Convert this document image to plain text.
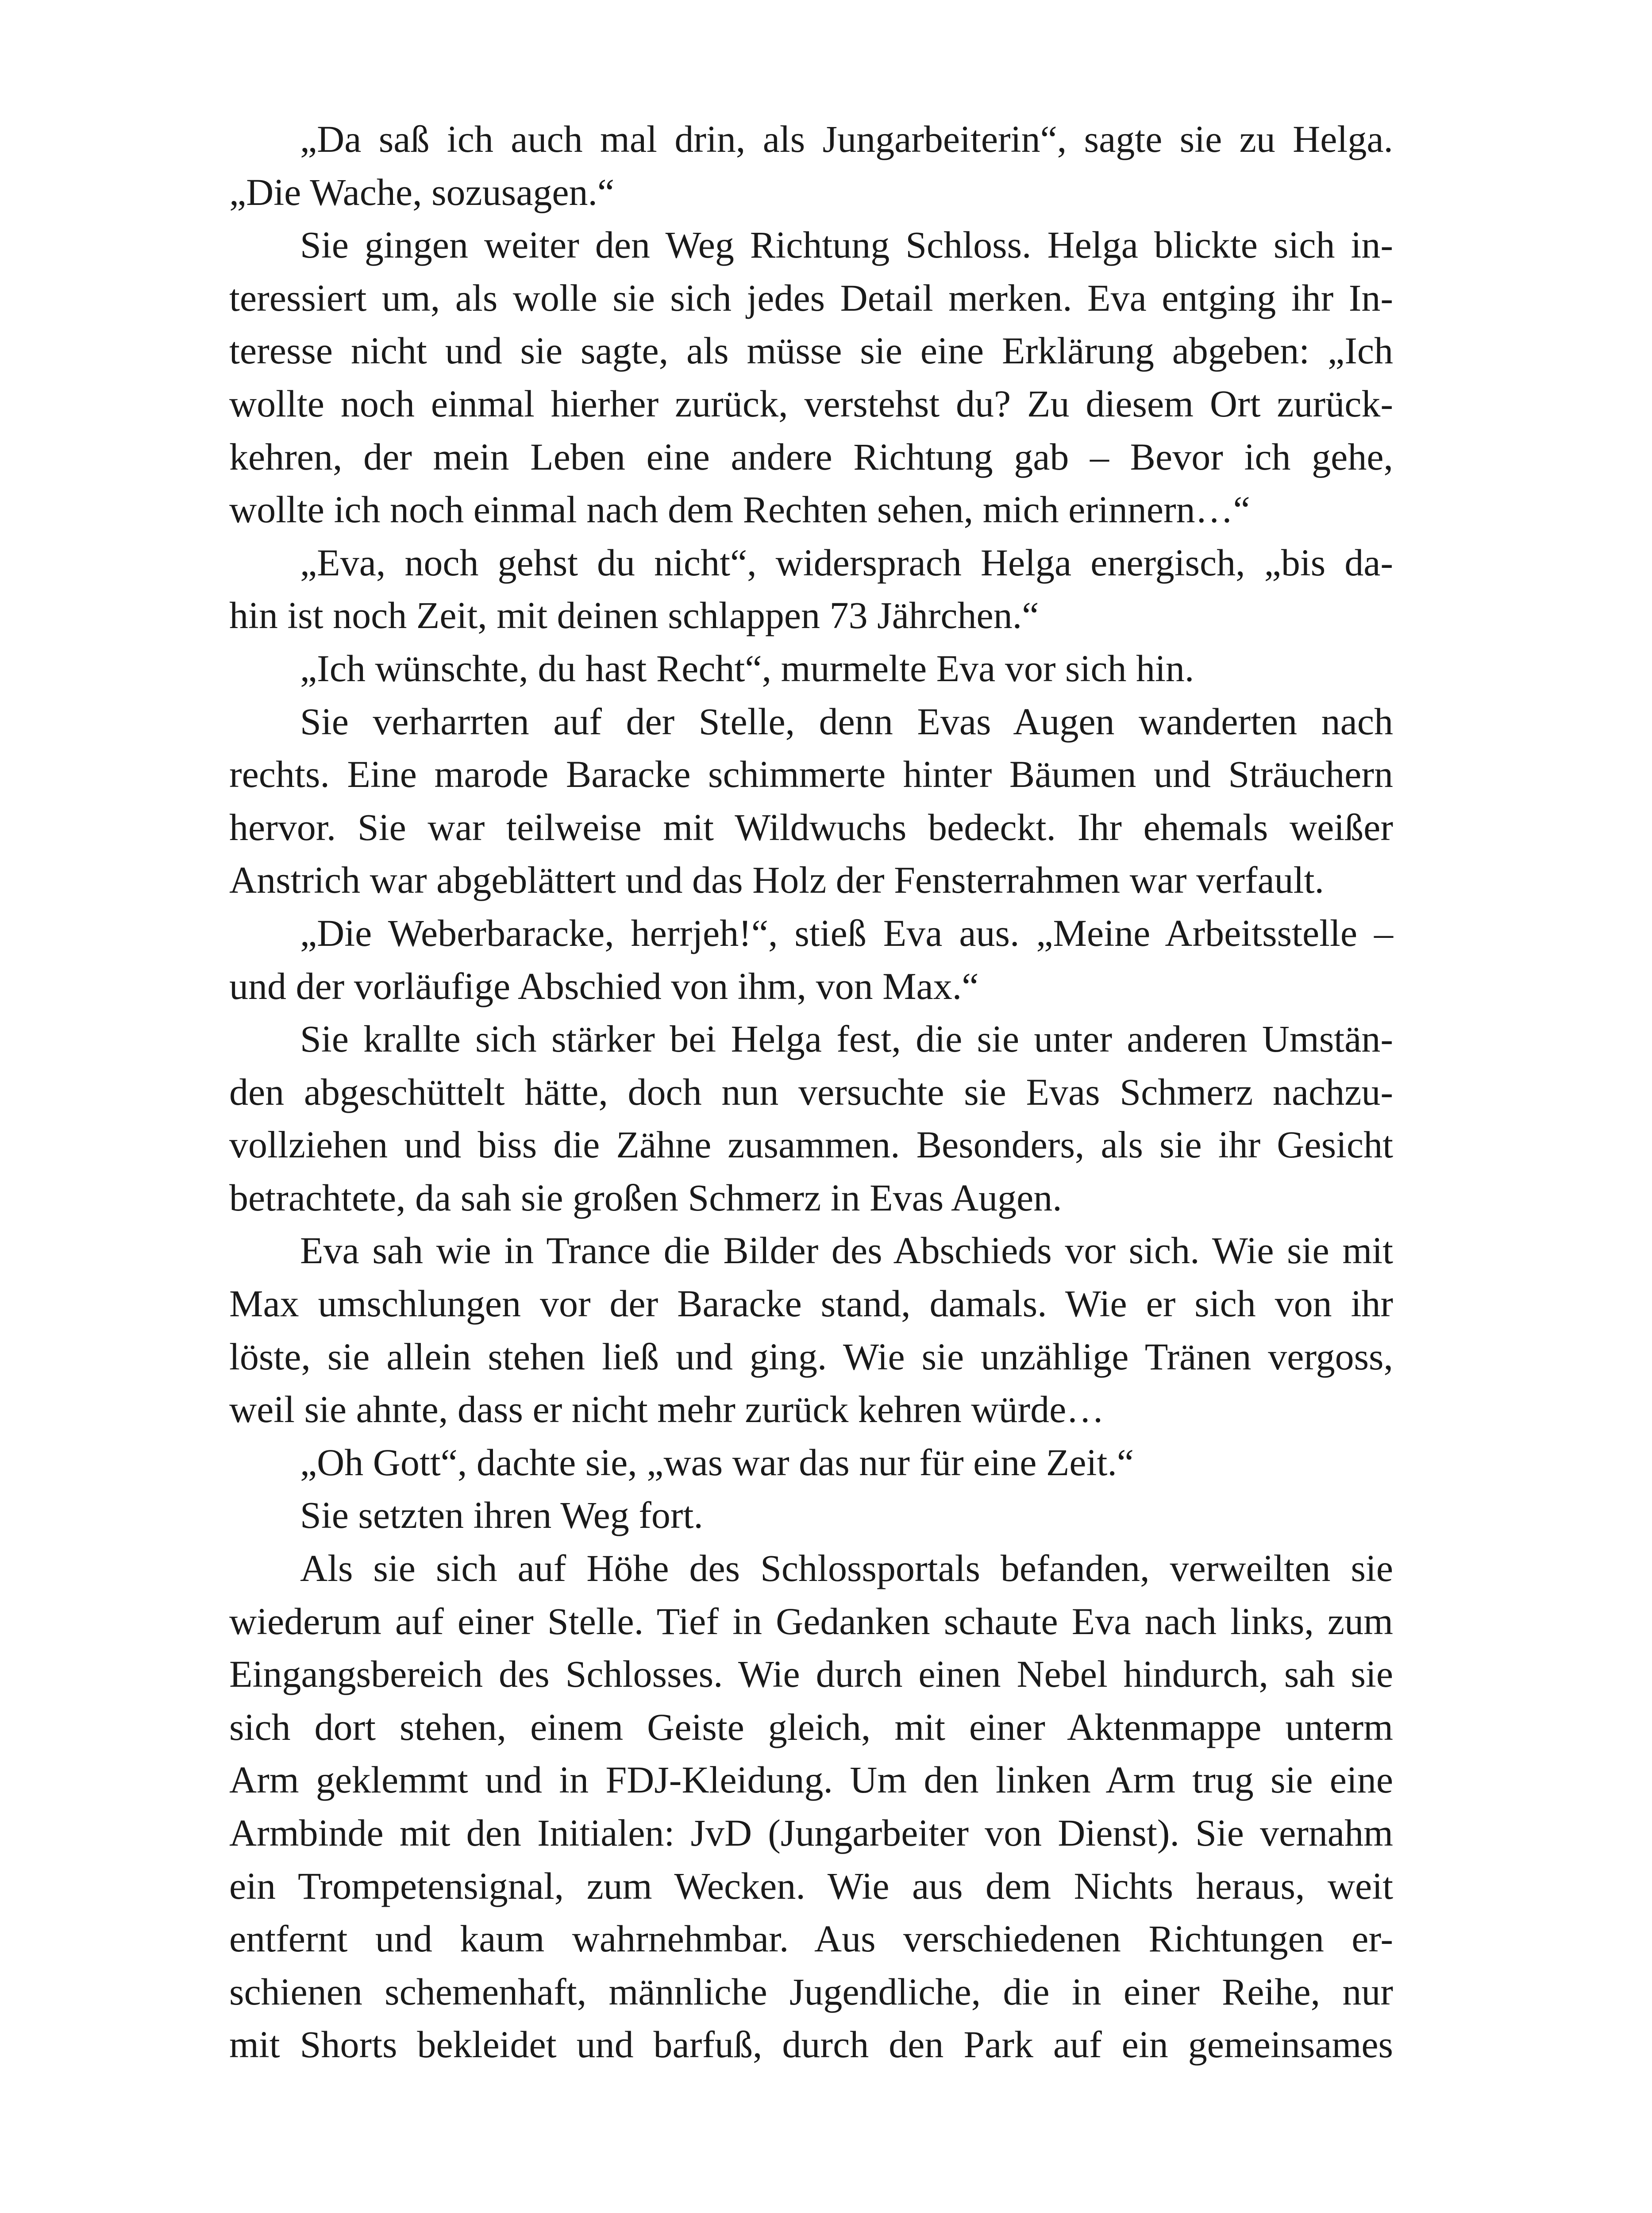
„Da saß ich auch mal drin, als Jungarbeiterin“, sagte sie zu Helga.
„Die Wache, sozusagen.“
Sie gingen weiter den Weg Richtung Schloss. Helga blickte sich in-
teressiert um, als wolle sie sich jedes Detail merken. Eva entging ihr In-
teresse nicht und sie sagte, als müsse sie eine Erklärung abgeben: „Ich
wollte noch einmal hierher zurück, verstehst du? Zu diesem Ort zurück-
kehren, der mein Leben eine andere Richtung gab – Bevor ich gehe,
wollte ich noch einmal nach dem Rechten sehen, mich erinnern…“
„Eva, noch gehst du nicht“, widersprach Helga energisch, „bis da-
hin ist noch Zeit, mit deinen schlappen 73 Jährchen.“
„Ich wünschte, du hast Recht“, murmelte Eva vor sich hin.
Sie verharrten auf der Stelle, denn Evas Augen wanderten nach
rechts. Eine marode Baracke schimmerte hinter Bäumen und Sträuchern
hervor. Sie war teilweise mit Wildwuchs bedeckt. Ihr ehemals weißer
Anstrich war abgeblättert und das Holz der Fensterrahmen war verfault.
„Die Weberbaracke, herrjeh!“, stieß Eva aus. „Meine Arbeitsstelle –
und der vorläufige Abschied von ihm, von Max.“
Sie krallte sich stärker bei Helga fest, die sie unter anderen Umstän-
den abgeschüttelt hätte, doch nun versuchte sie Evas Schmerz nachzu-
vollziehen und biss die Zähne zusammen. Besonders, als sie ihr Gesicht
betrachtete, da sah sie großen Schmerz in Evas Augen.
Eva sah wie in Trance die Bilder des Abschieds vor sich. Wie sie mit
Max umschlungen vor der Baracke stand, damals. Wie er sich von ihr
löste, sie allein stehen ließ und ging. Wie sie unzählige Tränen vergoss,
weil sie ahnte, dass er nicht mehr zurück kehren würde…
„Oh Gott“, dachte sie, „was war das nur für eine Zeit.“
Sie setzten ihren Weg fort.
Als sie sich auf Höhe des Schlossportals befanden, verweilten sie
wiederum auf einer Stelle. Tief in Gedanken schaute Eva nach links, zum
Eingangsbereich des Schlosses. Wie durch einen Nebel hindurch, sah sie
sich dort stehen, einem Geiste gleich, mit einer Aktenmappe unterm
Arm geklemmt und in FDJ-Kleidung. Um den linken Arm trug sie eine
Armbinde mit den Initialen: JvD (Jungarbeiter von Dienst). Sie vernahm
ein Trompetensignal, zum Wecken. Wie aus dem Nichts heraus, weit
entfernt und kaum wahrnehmbar. Aus verschiedenen Richtungen er-
schienen schemenhaft, männliche Jugendliche, die in einer Reihe, nur
mit Shorts bekleidet und barfuß, durch den Park auf ein gemeinsames
